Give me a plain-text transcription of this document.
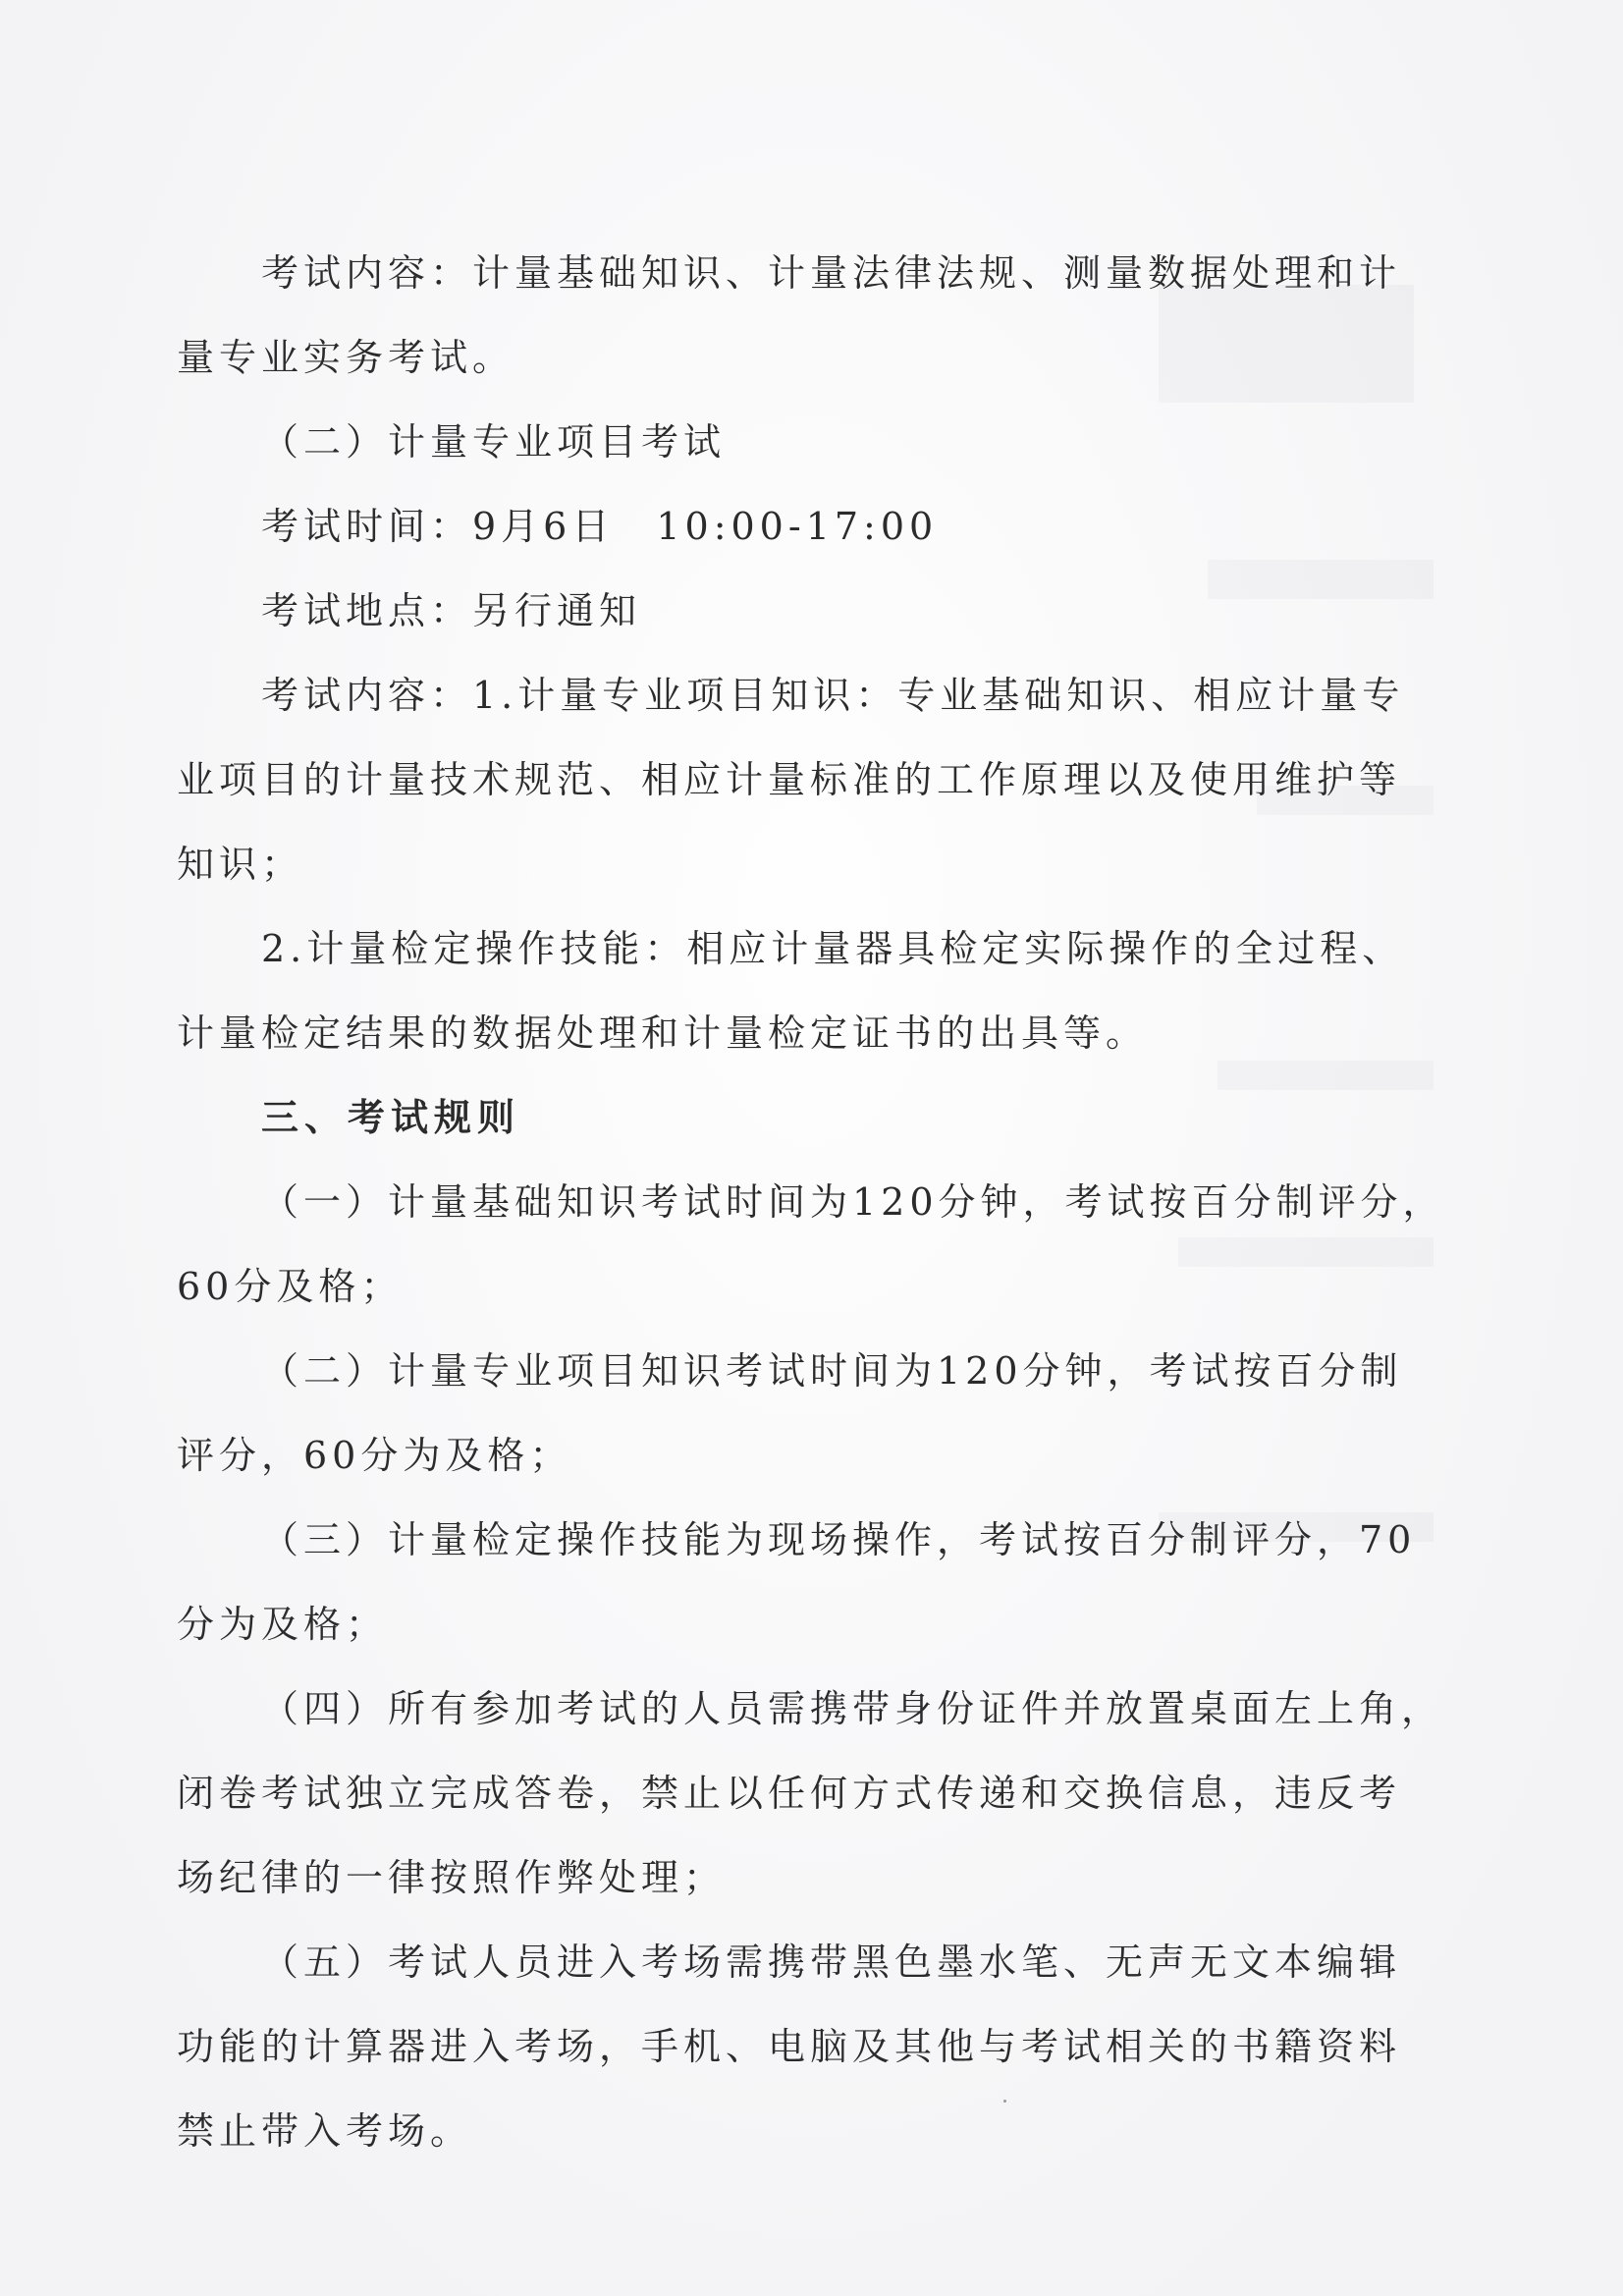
考试内容：计量基础知识、计量法律法规、测量数据处理和计
量专业实务考试。
（二）计量专业项目考试
考试时间：9月6日　10:00-17:00
考试地点：另行通知
考试内容：1.计量专业项目知识：专业基础知识、相应计量专
业项目的计量技术规范、相应计量标准的工作原理以及使用维护等
知识；
2.计量检定操作技能：相应计量器具检定实际操作的全过程、
计量检定结果的数据处理和计量检定证书的出具等。
三、考试规则
（一）计量基础知识考试时间为120分钟，考试按百分制评分，
60分及格；
（二）计量专业项目知识考试时间为120分钟，考试按百分制
评分，60分为及格；
（三）计量检定操作技能为现场操作，考试按百分制评分，70
分为及格；
（四）所有参加考试的人员需携带身份证件并放置桌面左上角，
闭卷考试独立完成答卷，禁止以任何方式传递和交换信息，违反考
场纪律的一律按照作弊处理；
（五）考试人员进入考场需携带黑色墨水笔、无声无文本编辑
功能的计算器进入考场，手机、电脑及其他与考试相关的书籍资料
禁止带入考场。
